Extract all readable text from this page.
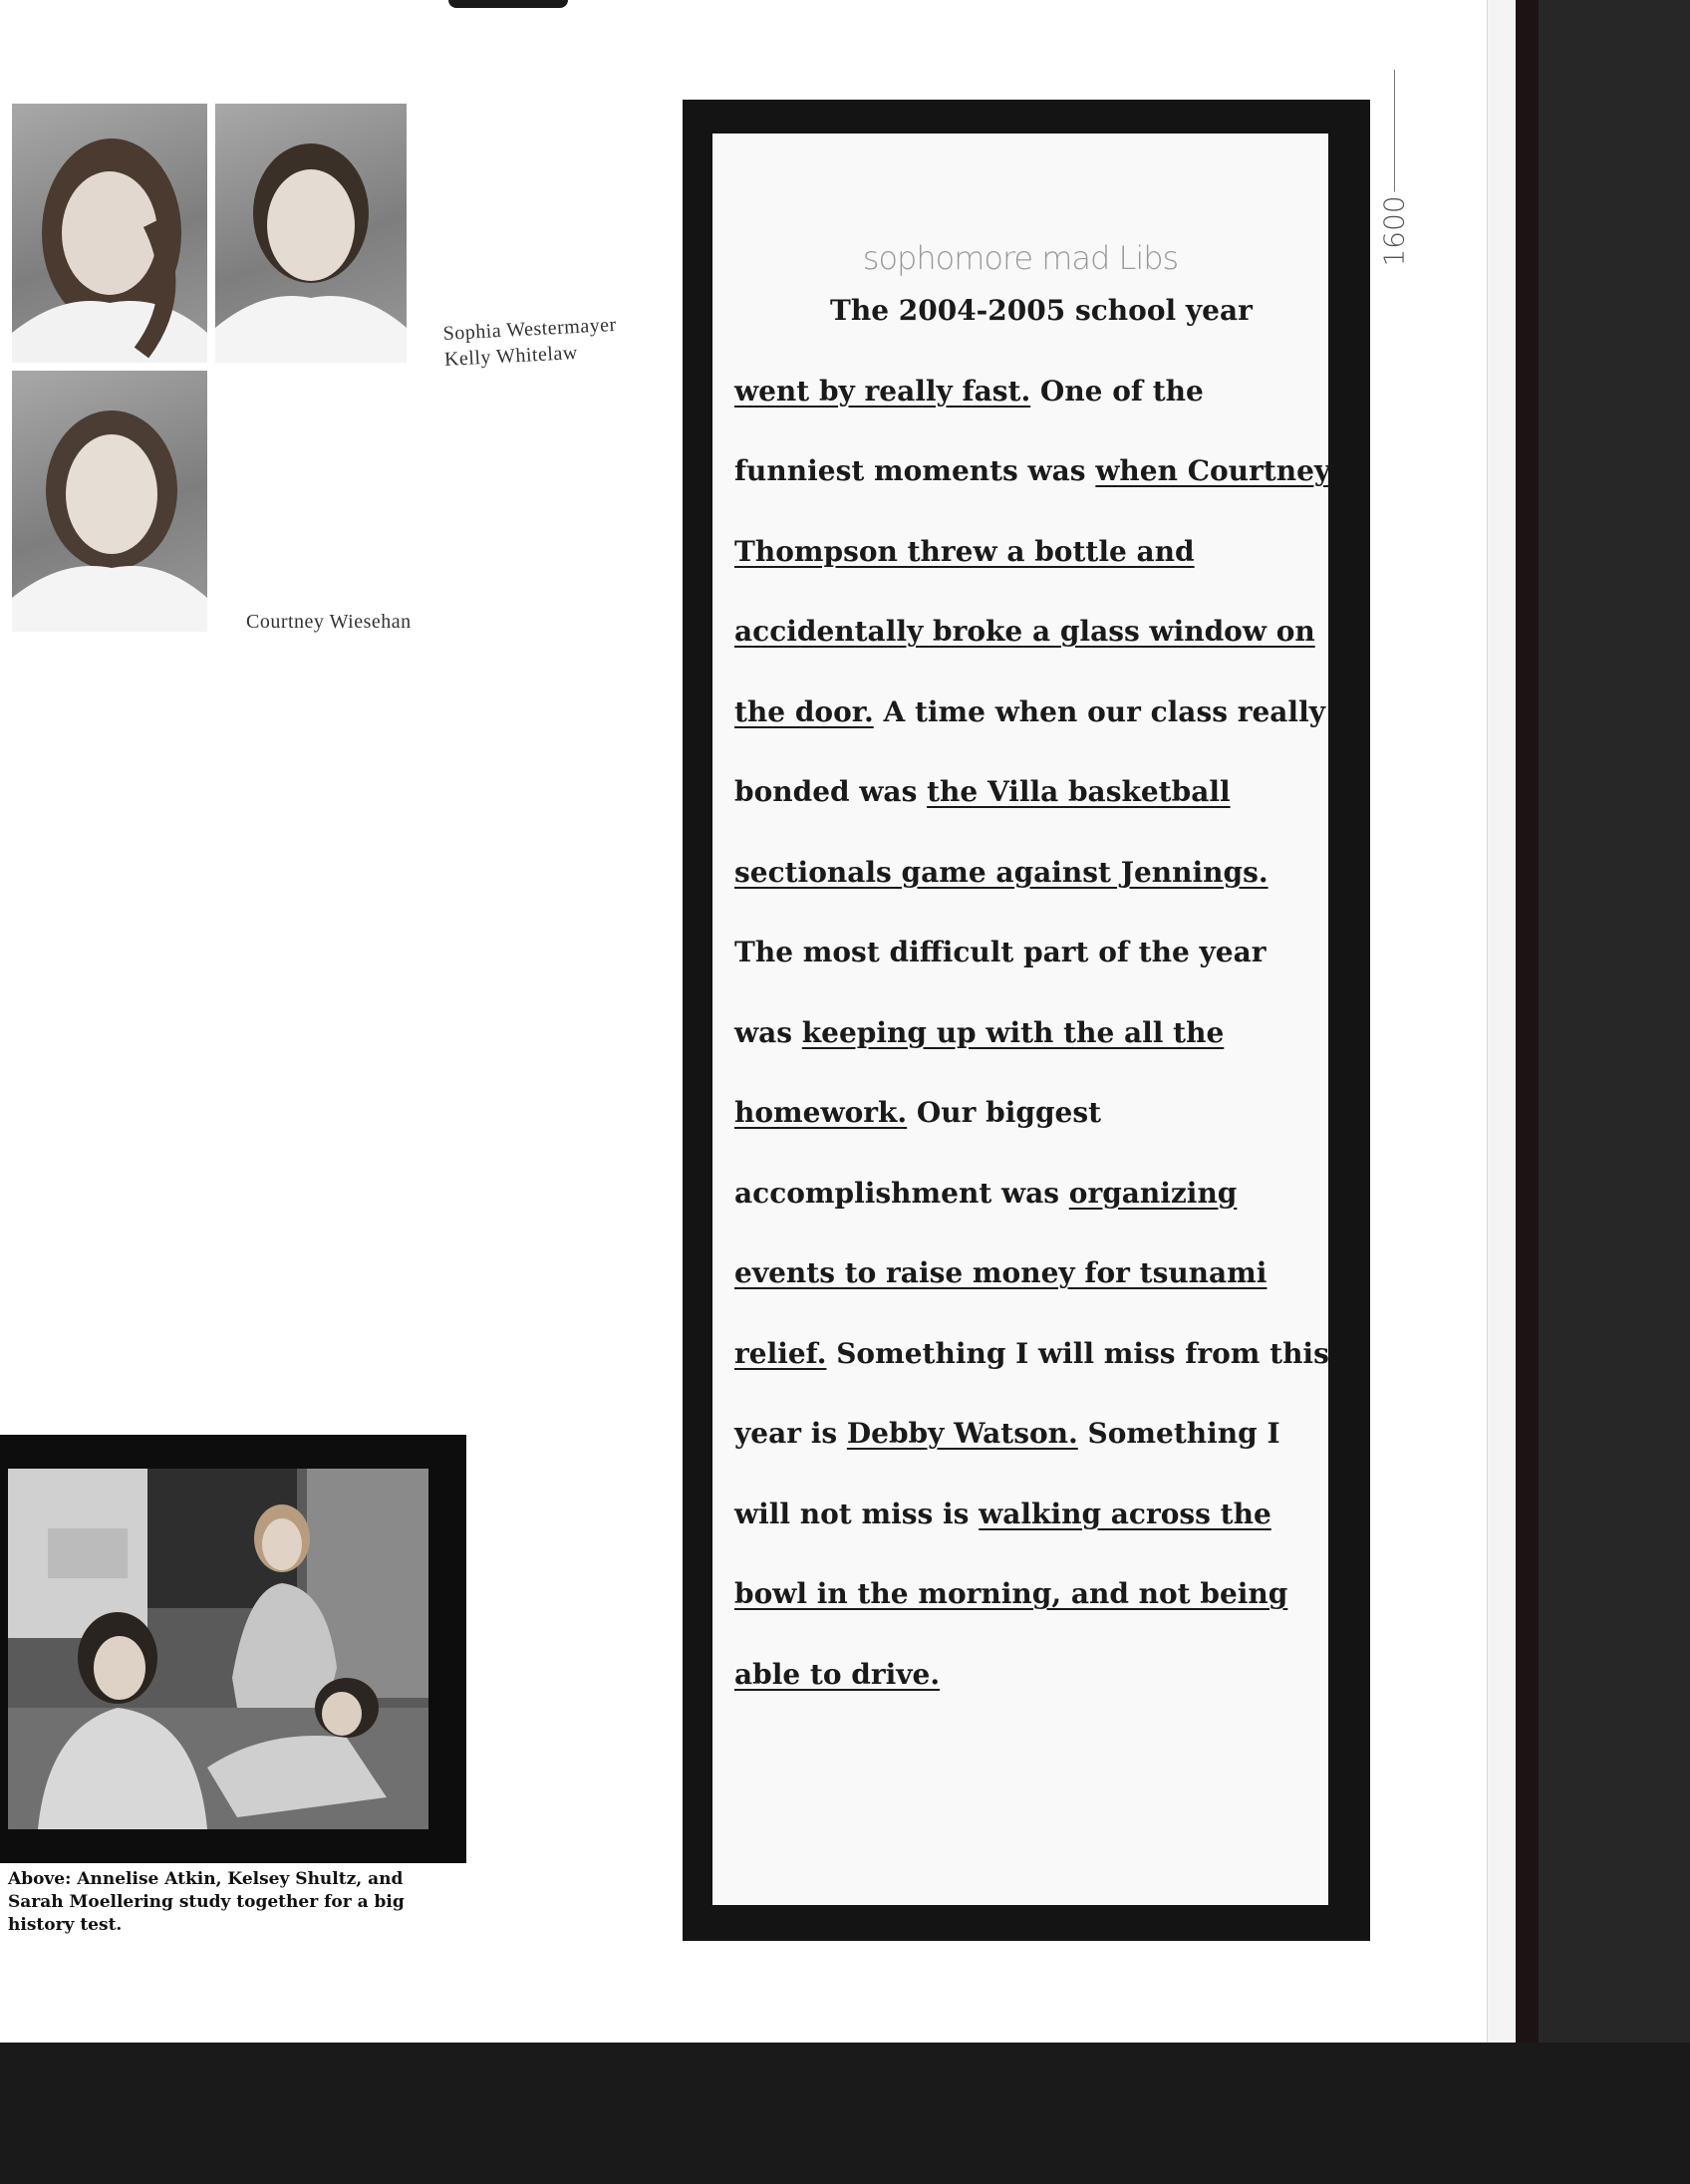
Sophia Westermayer
Kelly Whitelaw
Courtney Wiesehan
Above: Annelise Atkin, Kelsey Shultz, and Sarah Moellering study together for a big history test.
sophomore mad Libs
The 2004-2005 school year went by really fast. One of the funniest moments was when Courtney Thompson threw a bottle and accidentally broke a glass window on the door. A time when our class really bonded was the Villa basketball sectionals game against Jennings. The most difficult part of the year was keeping up with the all the homework. Our biggest accomplishment was organizing events to raise money for tsunami relief. Something I will miss from this year is Debby Watson. Something I will not miss is walking across the bowl in the morning, and not being able to drive.
1600
